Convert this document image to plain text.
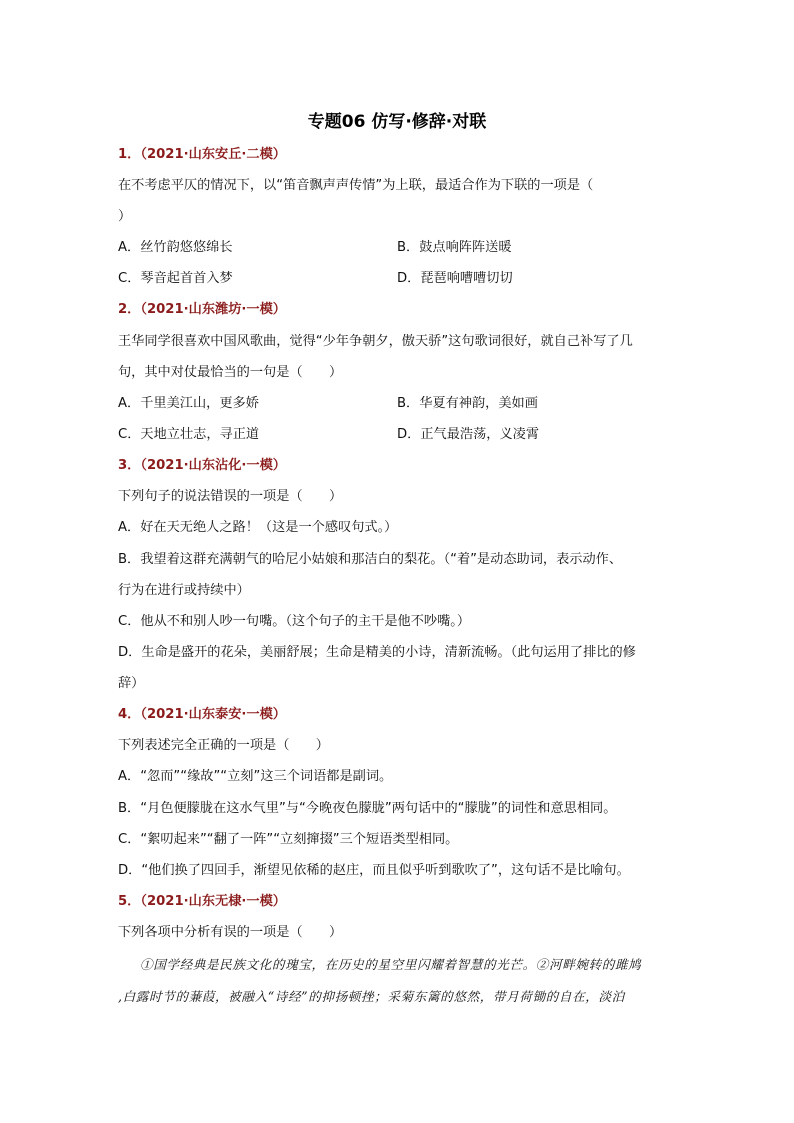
专题06 仿写·修辞·对联
1．（2021·山东安丘·二模）
在不考虑平仄的情况下，以“笛音飘声声传情”为上联，最适合作为下联的一项是（
）
A．丝竹韵悠悠绵长	B．鼓点响阵阵送暖
C．琴音起首首入梦	D．琵琶响嘈嘈切切
2．（2021·山东潍坊·一模）
王华同学很喜欢中国风歌曲，觉得“少年争朝夕，傲天骄”这句歌词很好，就自己补写了几
句，其中对仗最恰当的一句是（　　）
A．千里美江山，更多娇	B．华夏有神韵，美如画
C．天地立壮志，寻正道	D．正气最浩荡，义凌霄
3．（2021·山东沾化·一模）
下列句子的说法错误的一项是（　　）
A．好在天无绝人之路！（这是一个感叹句式。）
B．我望着这群充满朝气的哈尼小姑娘和那洁白的梨花。（“着”是动态助词，表示动作、
行为在进行或持续中）
C．他从不和别人吵一句嘴。（这个句子的主干是他不吵嘴。）
D．生命是盛开的花朵，美丽舒展；生命是精美的小诗，清新流畅。（此句运用了排比的修
辞）
4．（2021·山东泰安·一模）
下列表述完全正确的一项是（　　）
A．“忽而”“缘故”“立刻”这三个词语都是副词。
B．“月色便朦胧在这水气里”与“今晚夜色朦胧”两句话中的“朦胧”的词性和意思相同。
C．“絮叨起来”“翻了一阵”“立刻撺掇”三个短语类型相同。
D．“他们换了四回手，渐望见依稀的赵庄，而且似乎听到歌吹了”，这句话不是比喻句。
5．（2021·山东无棣·一模）
下列各项中分析有误的一项是（　　）
①国学经典是民族文化的瑰宝，在历史的星空里闪耀着智慧的光芒。②河畔婉转的雎鸠
,白露时节的蒹葭，被融入“诗经”的抑扬顿挫；采菊东篱的悠然，带月荷锄的自在，淡泊
